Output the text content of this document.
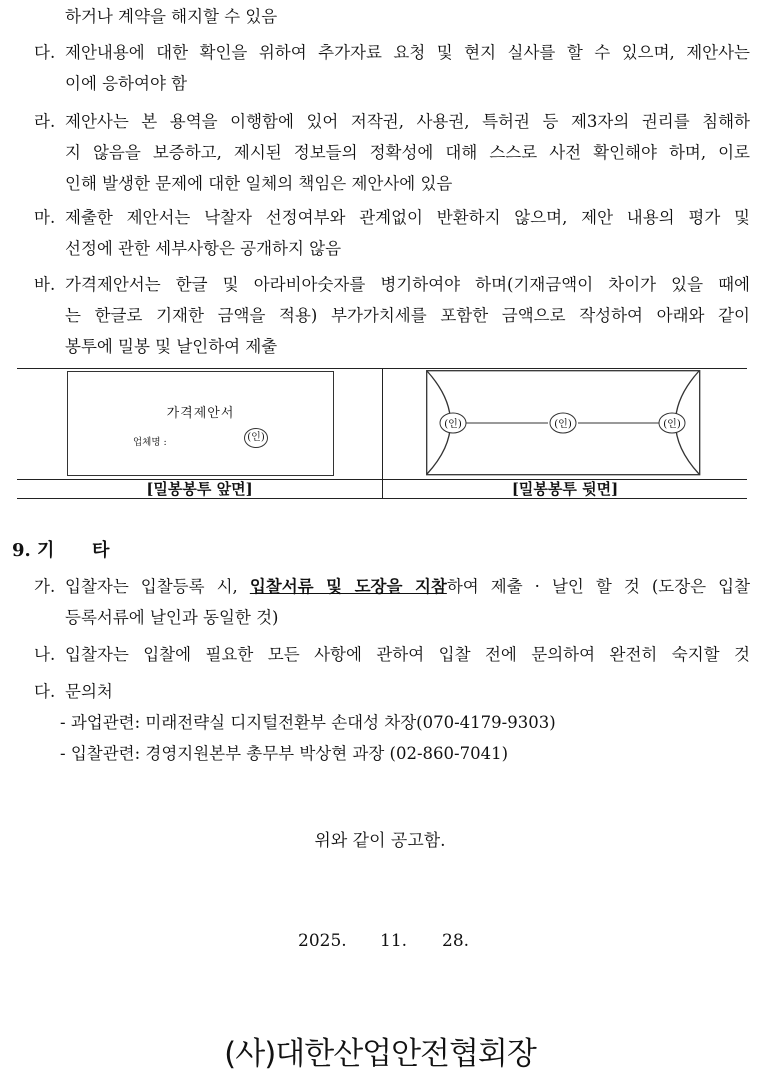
하거나 계약을 해지할 수 있음
다. 제안내용에 대한 확인을 위하여 추가자료 요청 및 현지 실사를 할 수 있으며, 제안사는
이에 응하여야 함
라. 제안사는 본 용역을 이행함에 있어 저작권, 사용권, 특허권 등 제3자의 권리를 침해하
지 않음을 보증하고, 제시된 정보들의 정확성에 대해 스스로 사전 확인해야 하며, 이로
인해 발생한 문제에 대한 일체의 책임은 제안사에 있음
마. 제출한 제안서는 낙찰자 선정여부와 관계없이 반환하지 않으며, 제안 내용의 평가 및
선정에 관한 세부사항은 공개하지 않음
바. 가격제안서는 한글 및 아라비아숫자를 병기하여야 하며(기재금액이 차이가 있을 때에
는 한글로 기재한 금액을 적용) 부가가치세를 포함한 금액으로 작성하여 아래와 같이
봉투에 밀봉 및 날인하여 제출
가격제안서
업체명 :	(인)
(인)	(인)	(인)
[밀봉봉투 앞면]	[밀봉봉투 뒷면]
9. 기      타
가. 입찰자는 입찰등록 시, 입찰서류 및 도장을 지참하여 제출 · 날인 할 것 (도장은 입찰
등록서류에 날인과 동일한 것)
나. 입찰자는 입찰에 필요한 모든 사항에 관하여 입찰 전에 문의하여 완전히 숙지할 것
다. 문의처
- 과업관련: 미래전략실 디지털전환부 손대성 차장(070-4179-9303)
- 입찰관련: 경영지원본부 총무부 박상현 과장 (02-860-7041)
위와 같이 공고함.
2025. 11. 28.
(사)대한산업안전협회장
